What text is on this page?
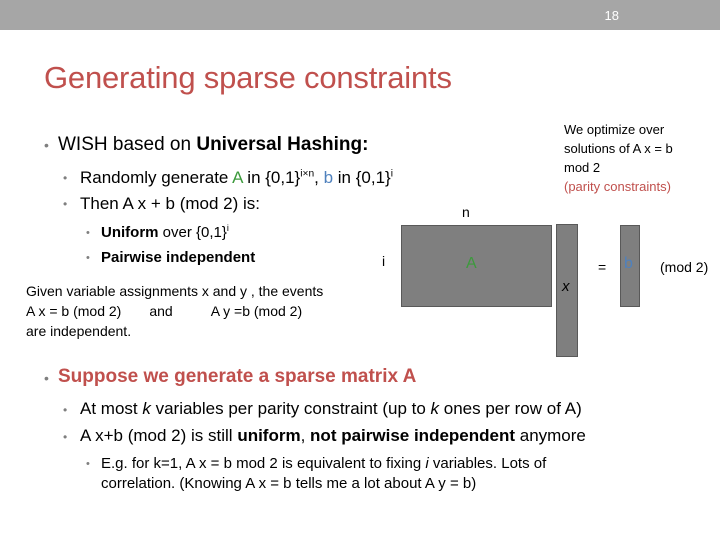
18
Generating sparse constraints
• WISH based on Universal Hashing:
• Randomly generate A in $\{0,1\}^{i\times n}$, b in $\{0,1\}^i$
• Then A x + b (mod 2) is:
• Uniform over $\{0,1\}^i$
• Pairwise independent
Given variable assignments x and y , the events
A x = b (mod 2) and	A y =b (mod 2)
are independent.
We optimize over
solutions of A x = b
mod 2
(parity constraints)
n
i	A
x
= b (mod 2)
• Suppose we generate a sparse matrix A
• At most k variables per parity constraint (up to k ones per row of A)
• A x+b (mod 2) is still uniform, not pairwise independent anymore
• E.g. for k=1, A x = b mod 2 is equivalent to fixing i variables. Lots of
correlation. (Knowing A x = b tells me a lot about A y = b)
